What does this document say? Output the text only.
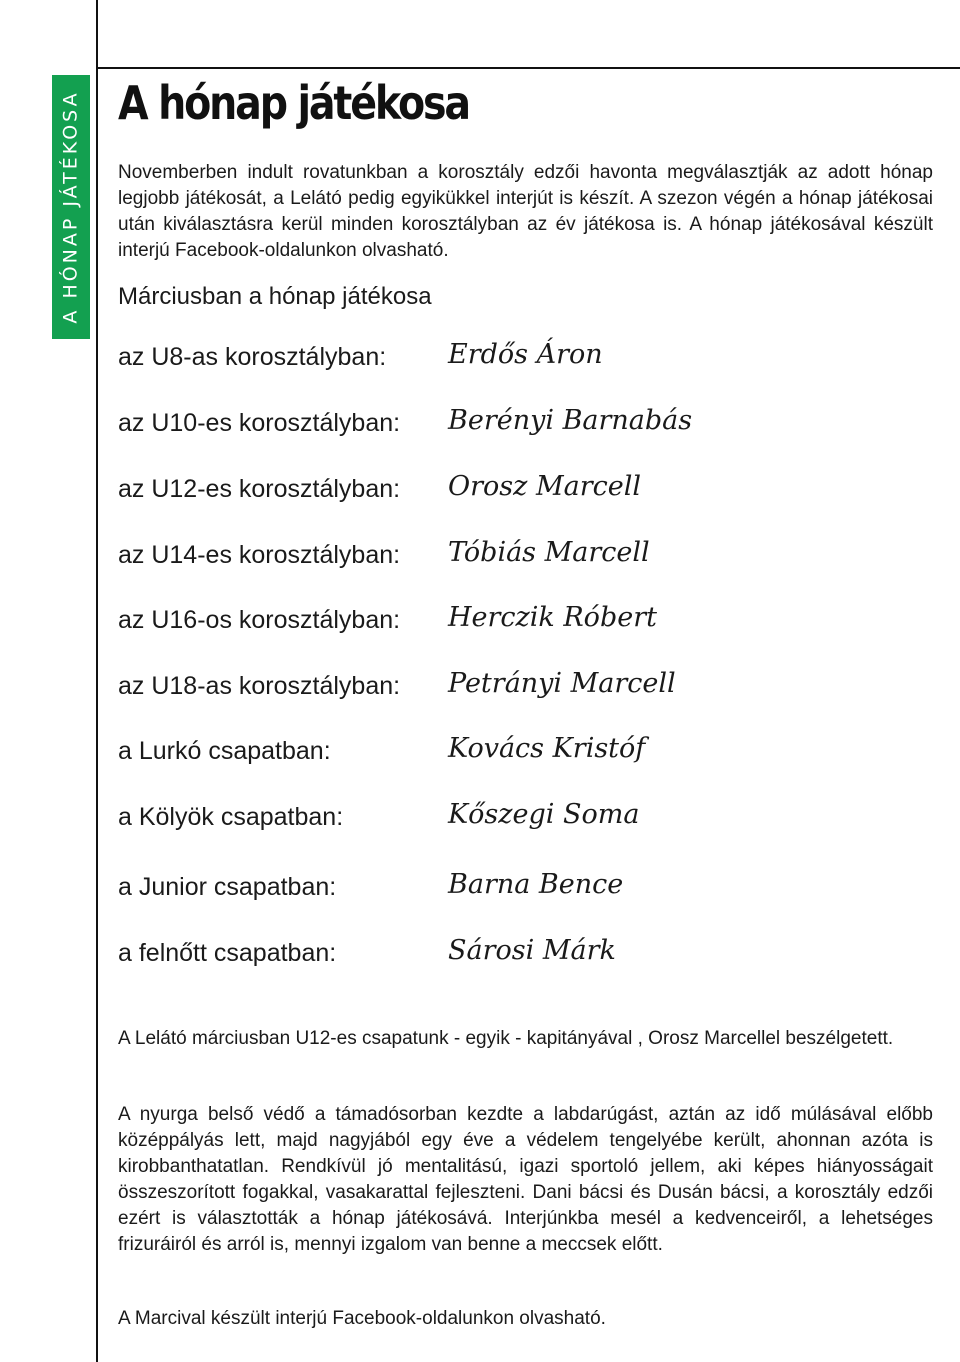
A HÓNAP JÁTÉKOSA A hónap játékosa

Novemberben indult rovatunkban a korosztály edzői havonta megválasztják az adott hónap legjobb játékosát, a Lelátó pedig egyikükkel interjút is készít. A szezon végén a hónap játékosai után kiválasztásra kerül minden korosztályban az év játékosa is. A hónap játékosával készült interjú Facebook-oldalunkon olvasható.

Márciusban a hónap játékosa
az U8-as korosztályban: Erdős Áron
az U10-es korosztályban: Berényi Barnabás
az U12-es korosztályban: Orosz Marcell
az U14-es korosztályban: Tóbiás Marcell
az U16-os korosztályban: Herczik Róbert
az U18-as korosztályban: Petrányi Marcell
a Lurkó csapatban:	Kovács Kristóf
a Kölyök csapatban:	Kőszegi Soma
a Junior csapatban:	Barna Bence
a felnőtt csapatban:	Sárosi Márk

A Lelátó márciusban U12-es csapatunk - egyik - kapitányával , Orosz Marcellel beszélgetett.

A nyurga belső védő a támadósorban kezdte a labdarúgást, aztán az idő múlásával előbb középpályás lett, majd nagyjából egy éve a védelem tengelyébe került, ahonnan azóta is kirobbanthatatlan. Rendkívül jó mentalitású, igazi sportoló jellem, aki képes hiányosságait összeszorított fogakkal, vasakarattal fejleszteni. Dani bácsi és Dusán bácsi, a korosztály edzői ezért is választották a hónap játékosává. Interjúnkba mesél a kedvenceiről, a lehetséges frizuráiról és arról is, mennyi izgalom van benne a meccsek előtt.

A Marcival készült interjú Facebook-oldalunkon olvasható.
